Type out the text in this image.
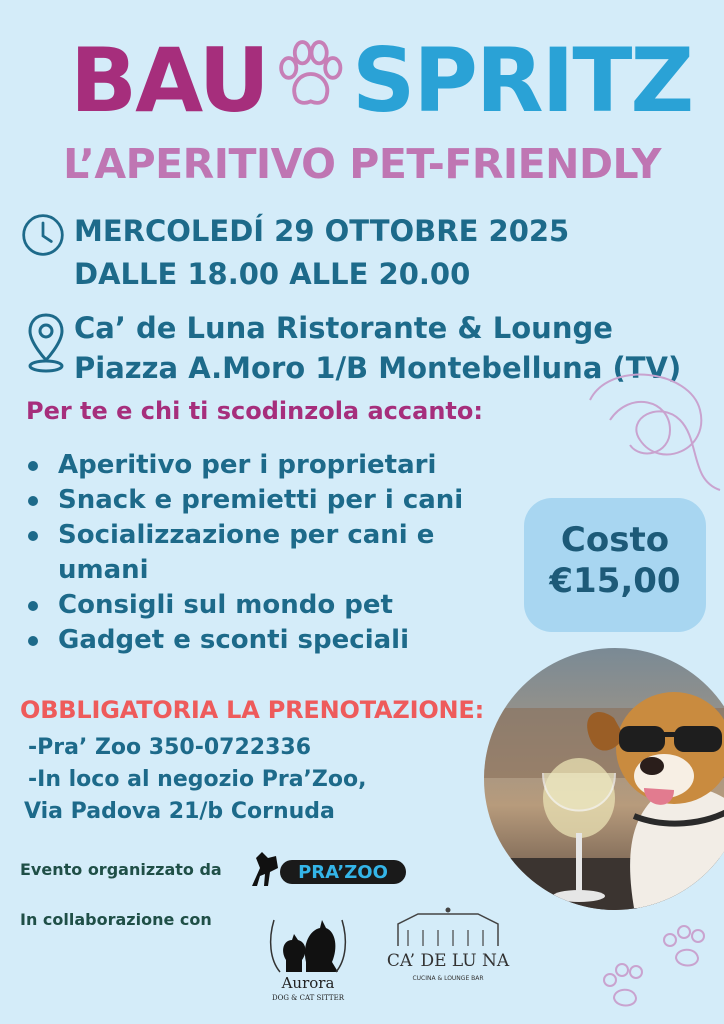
BAU SPRITZ
L’APERITIVO PET-FRIENDLY
MERCOLEDÍ 29 OTTOBRE 2025
DALLE 18.00 ALLE 20.00
Ca’ de Luna Ristorante & Lounge
Piazza A.Moro 1/B Montebelluna (TV)
Per te e chi ti scodinzola accanto:
Aperitivo per i proprietari
Snack e premietti per i cani
Socializzazione per cani e umani
Consigli sul mondo pet
Gadget e sconti speciali
Costo
€15,00
OBBLIGATORIA LA PRENOTAZIONE:
-Pra’ Zoo 350-0722336
-In loco al negozio Pra’Zoo,
Via Padova 21/b Cornuda
Evento organizzato da	PRA’ZOO
In collaborazione con
Aurora
DOG & CAT SITTER
CA’ DE LU NA
CUCINA & LOUNGE BAR
